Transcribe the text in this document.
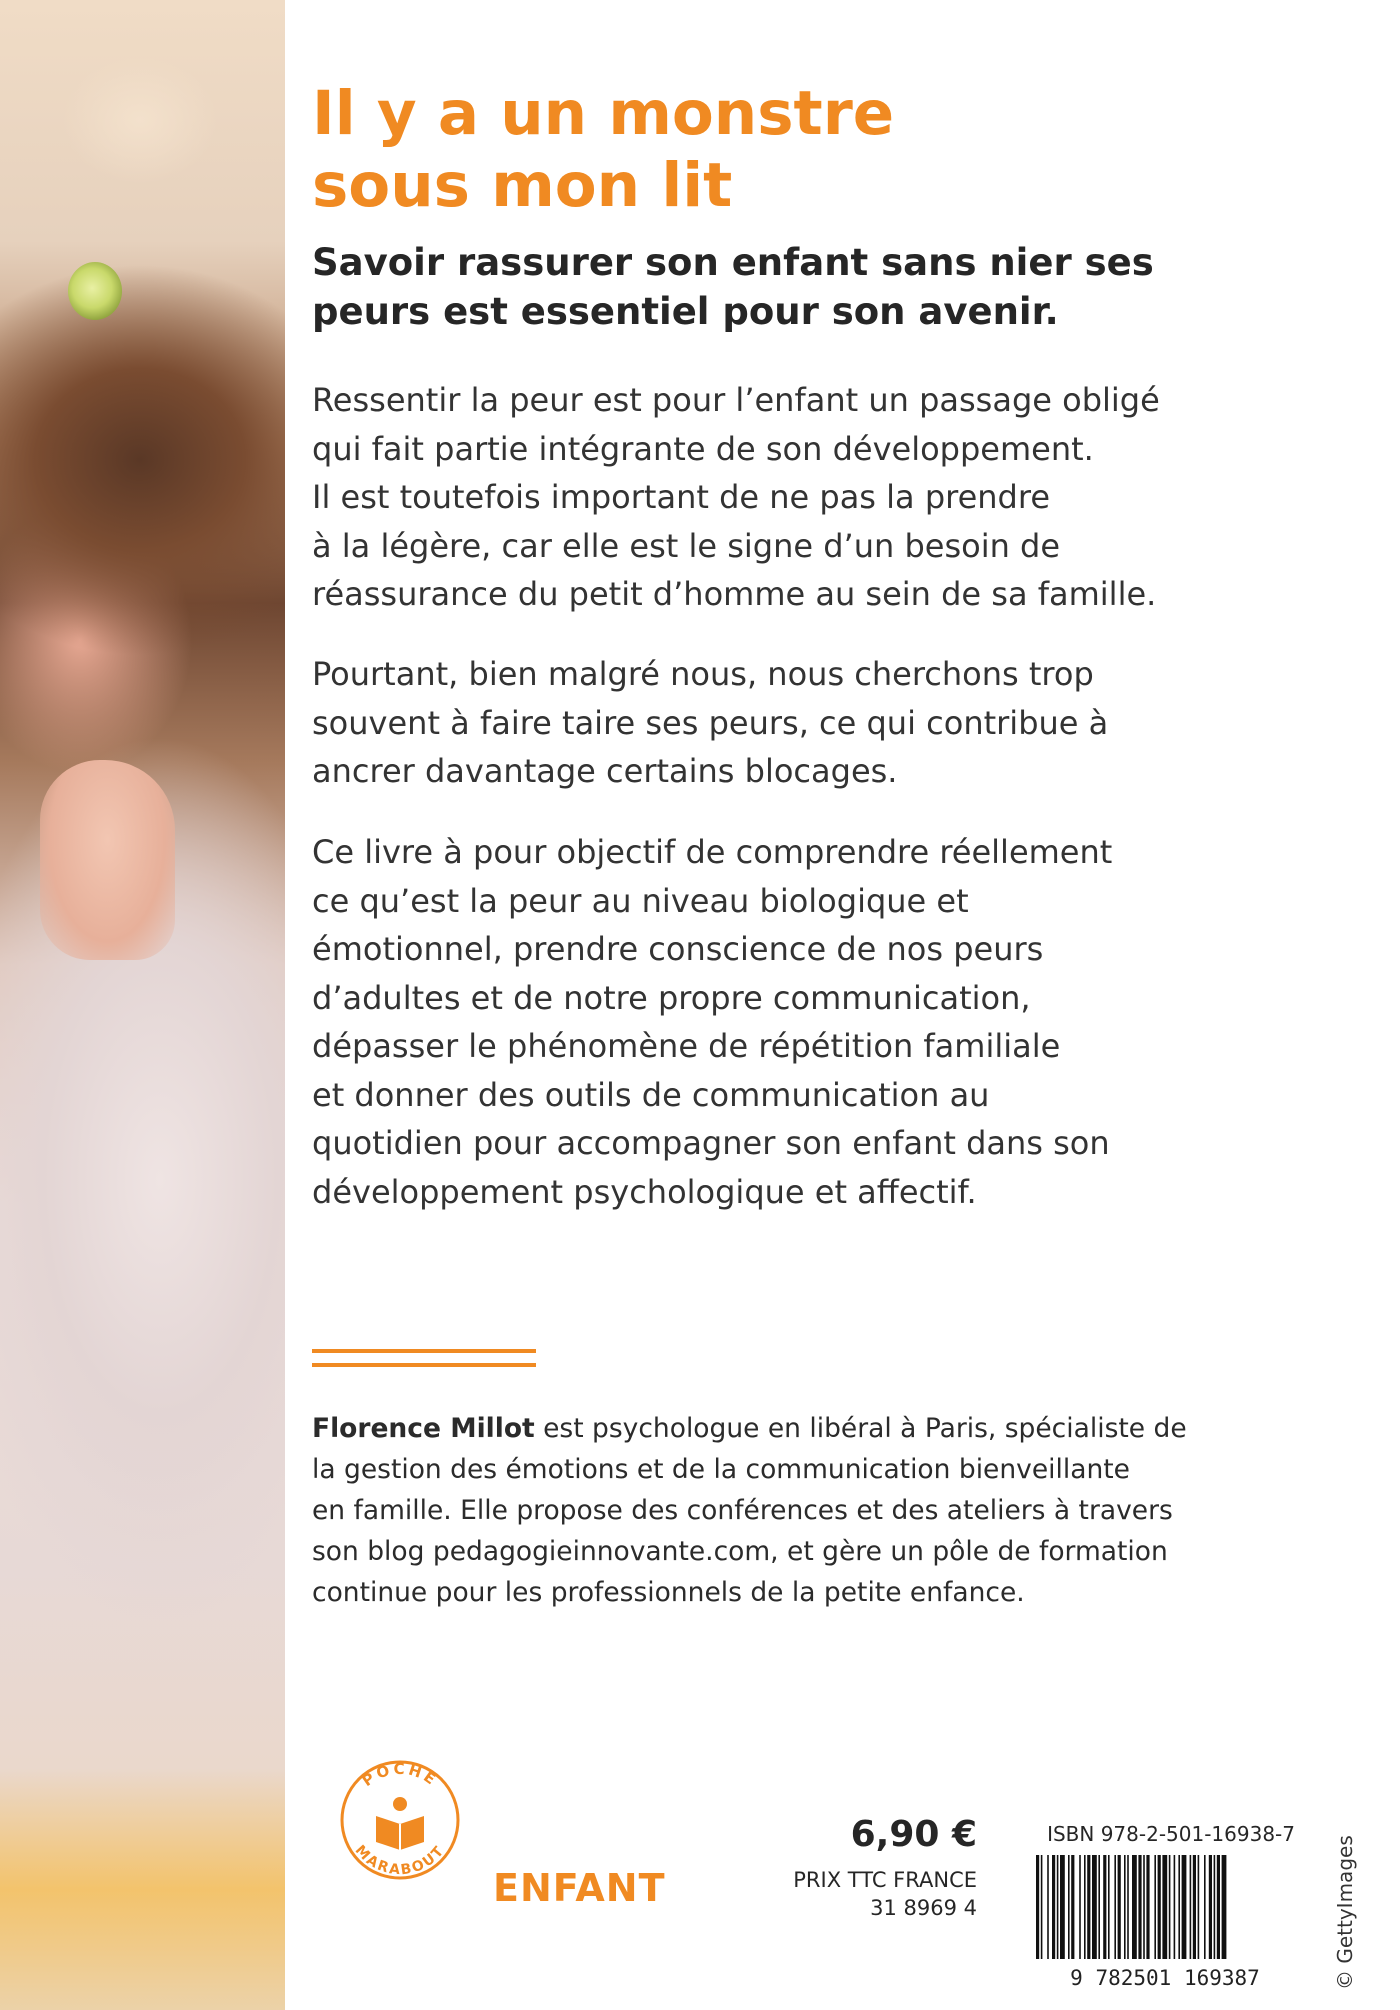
Il y a un monstre
sous mon lit
Savoir rassurer son enfant sans nier ses
peurs est essentiel pour son avenir.

Ressentir la peur est pour l’enfant un passage obligé
qui fait partie intégrante de son développement.
Il est toutefois important de ne pas la prendre
à la légère, car elle est le signe d’un besoin de
réassurance du petit d’homme au sein de sa famille.

Pourtant, bien malgré nous, nous cherchons trop
souvent à faire taire ses peurs, ce qui contribue à
ancrer davantage certains blocages.

Ce livre à pour objectif de comprendre réellement
ce qu’est la peur au niveau biologique et
émotionnel, prendre conscience de nos peurs
d’adultes et de notre propre communication,
dépasser le phénomène de répétition familiale
et donner des outils de communication au
quotidien pour accompagner son enfant dans son
développement psychologique et affectif.

Florence Millot est psychologue en libéral à Paris, spécialiste de
la gestion des émotions et de la communication bienveillante
en famille. Elle propose des conférences et des ateliers à travers
son blog pedagogieinnovante.com, et gère un pôle de formation
continue pour les professionnels de la petite enfance.

POCHE
MARABOUT
ENFANT
6,90 €
PRIX TTC FRANCE
31 8969 4
ISBN 978-2-501-16938-7
9 782501 169387	© GettyImages
